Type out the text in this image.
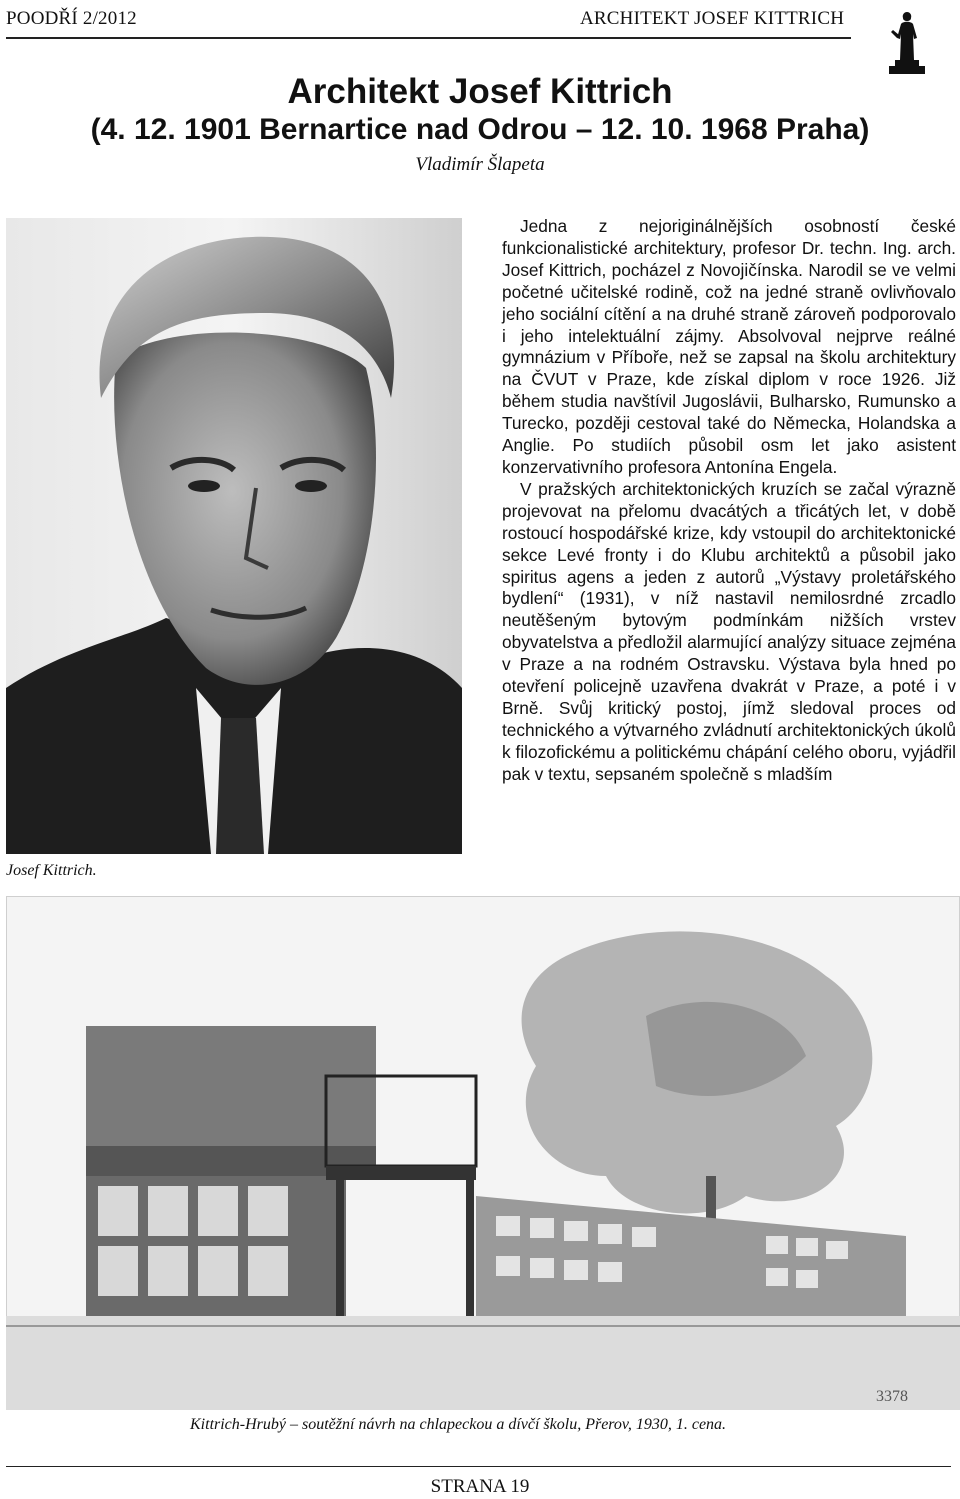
POODŘÍ 2/2012	ARCHITEKT JOSEF KITTRICH
Architekt Josef Kittrich
(4. 12. 1901 Bernartice nad Odrou – 12. 10. 1968 Praha)
Vladimír Šlapeta
Josef Kittrich.

Jedna z nejoriginálnějších osobností české funkcionalistické architektury, profesor Dr. techn. Ing. arch. Josef Kittrich, pocházel z Novojičínska. Narodil se ve velmi početné učitelské rodině, což na jedné straně ovlivňovalo jeho sociální cítění a na druhé straně zároveň podporovalo i jeho intelektuální zájmy. Absolvoval nejprve reálné gymnázium v Příboře, než se zapsal na školu architektury na ČVUT v Praze, kde získal diplom v roce 1926. Již během studia navštívil Jugoslávii, Bulharsko, Rumunsko a Turecko, později cestoval také do Německa, Holandska a Anglie. Po studiích působil osm let jako asistent konzervativního profesora Antonína Engela.

V pražských architektonických kruzích se začal výrazně projevovat na přelomu dvacátých a třicátých let, v době rostoucí hospodářské krize, kdy vstoupil do architektonické sekce Levé fronty i do Klubu architektů a působil jako spiritus agens a jeden z autorů „Výstavy proletářského bydlení“ (1931), v níž nastavil nemilosrdné zrcadlo neutěšeným bytovým podmínkám nižších vrstev obyvatelstva a předložil alarmující analýzy situace zejména v Praze a na rodném Ostravsku. Výstava byla hned po otevření policejně uzavřena dvakrát v Praze, a poté i v Brně. Svůj kritický postoj, jímž sledoval proces od technického a výtvarného zvládnutí architektonických úkolů k filozofickému a politickému chápání celého oboru, vyjádřil pak v textu, sepsaném společně s mladším

3378
Kittrich-Hrubý – soutěžní návrh na chlapeckou a dívčí školu, Přerov, 1930, 1. cena.
STRANA 19
